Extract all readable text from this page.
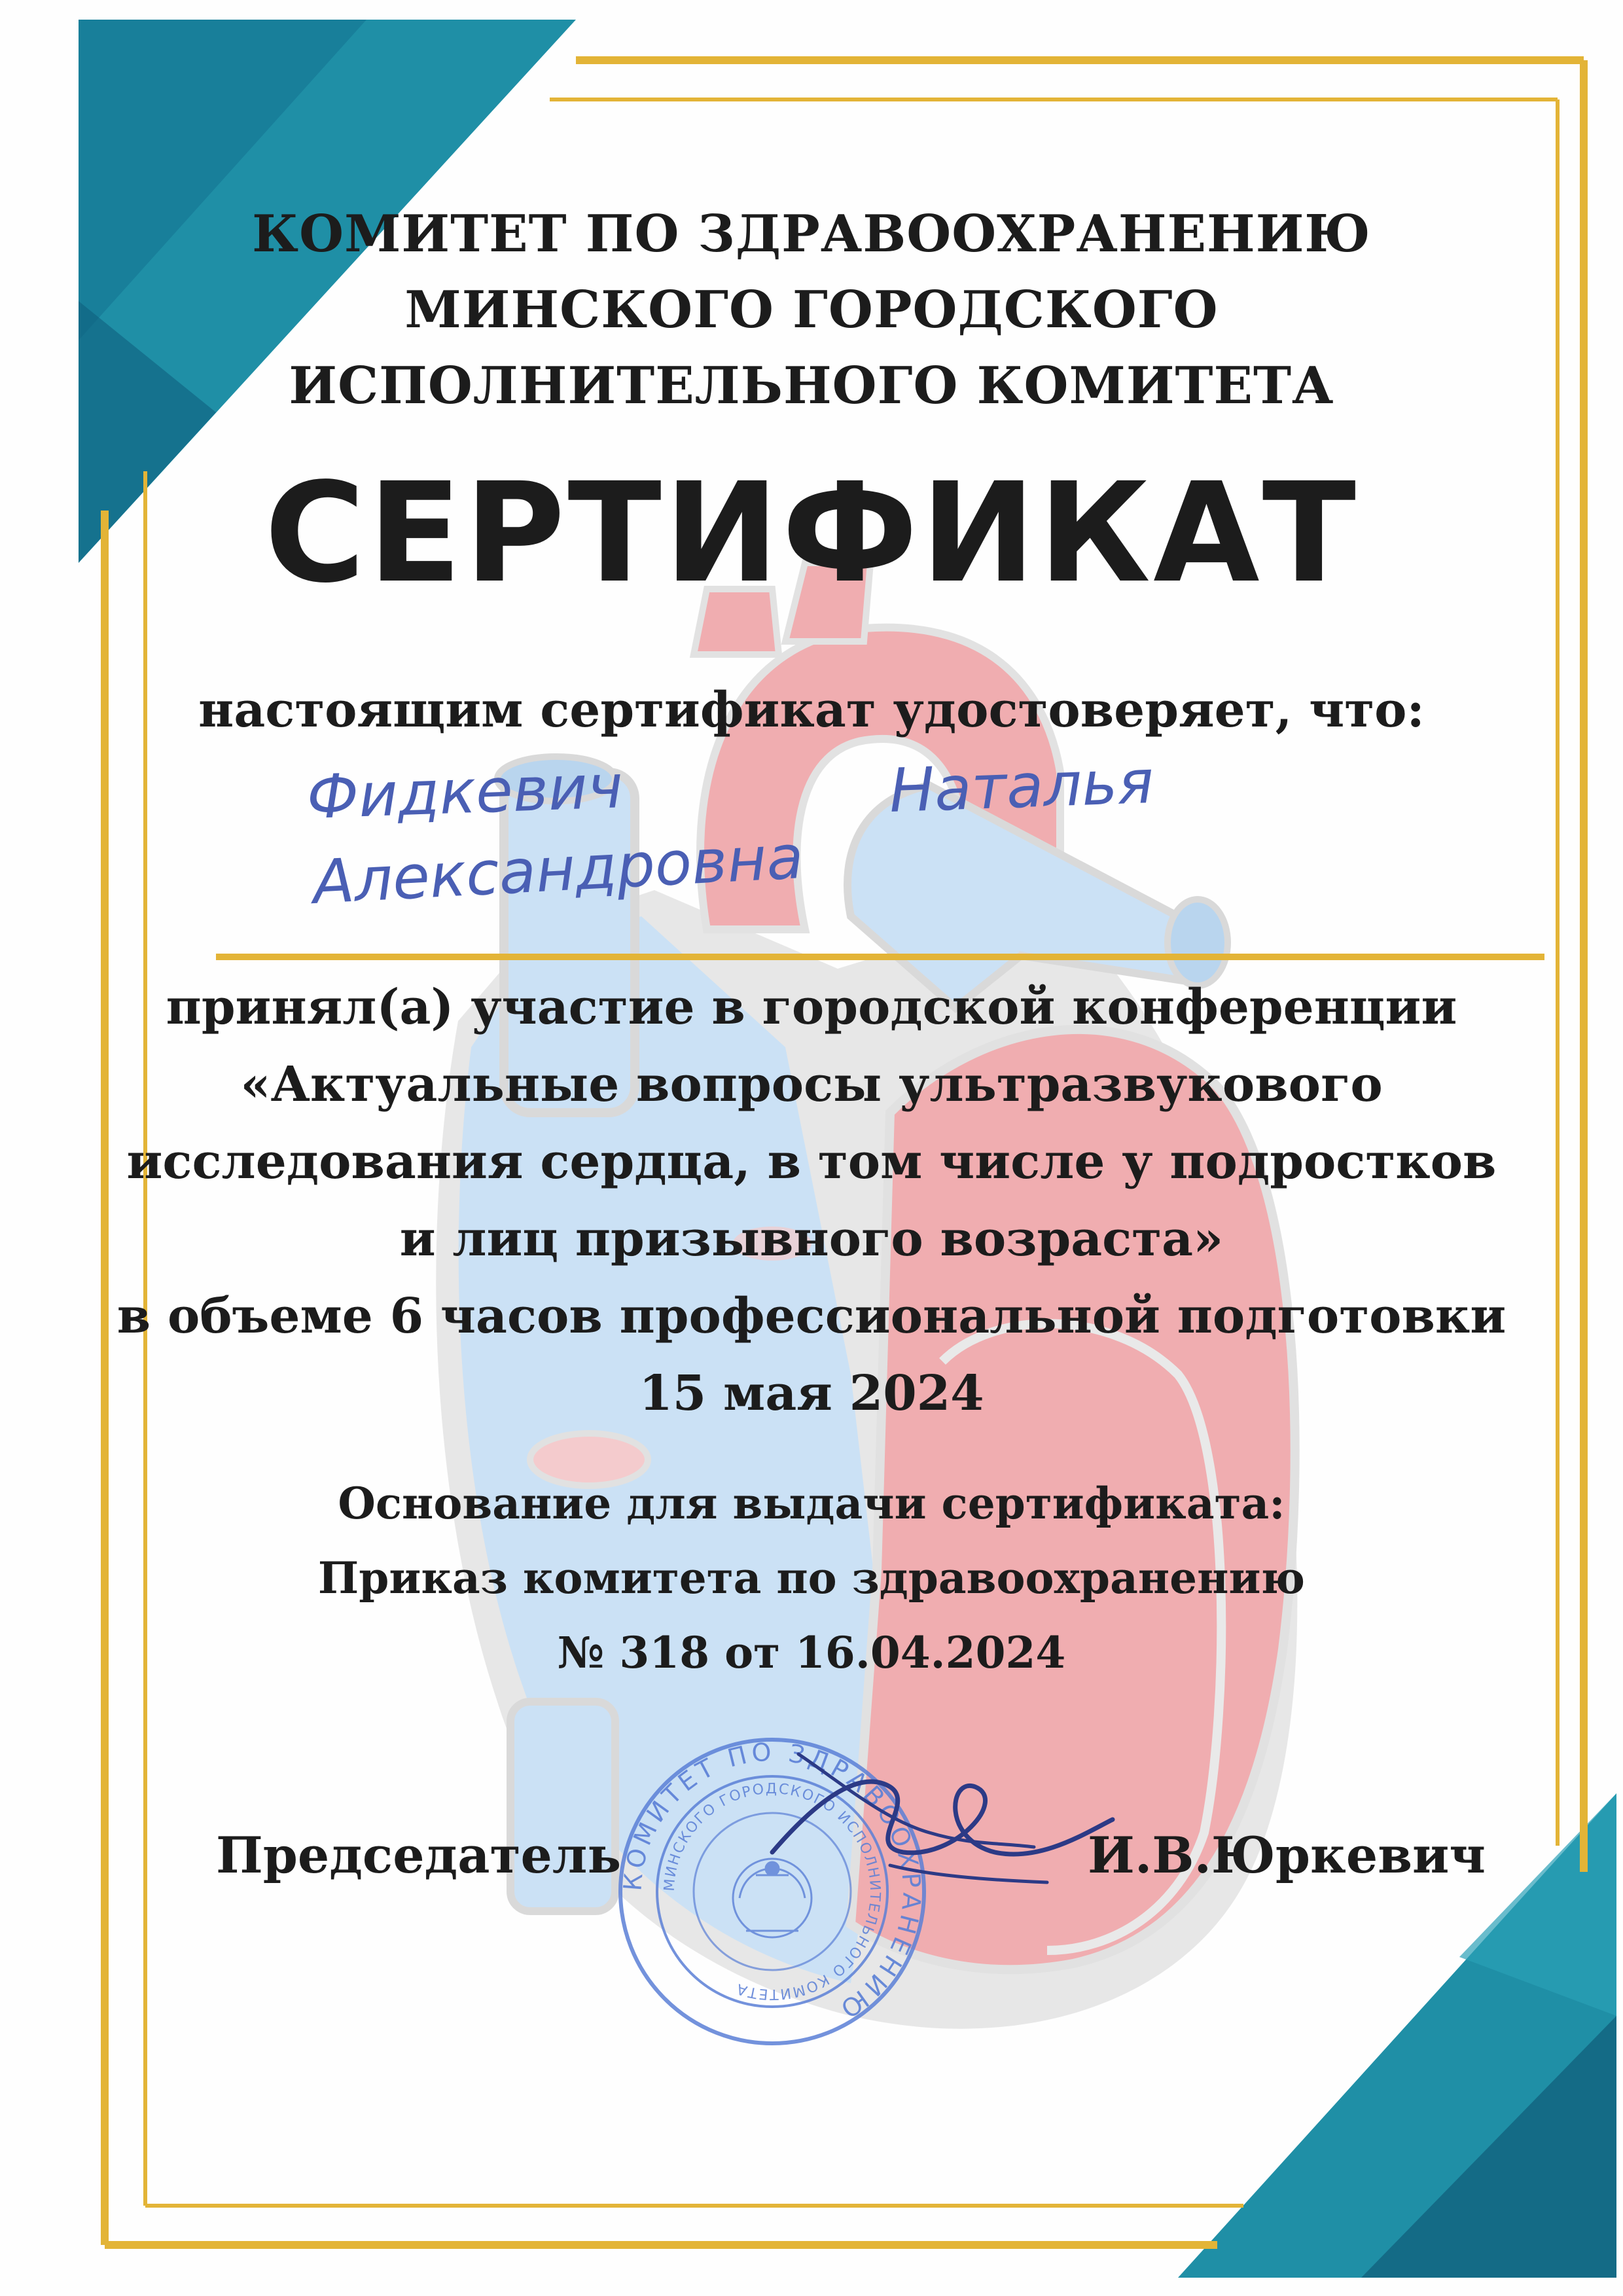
КОМИТЕТ ПО ЗДРАВООХРАНЕНИЮ
МИНСКОГО ГОРОДСКОГО
ИСПОЛНИТЕЛЬНОГО КОМИТЕТА
СЕРТИФИКАТ
настоящим сертификат удостоверяет, что:
Фидкевич	Наталья
Александровна
принял(а) участие в городской конференции
«Актуальные вопросы ультразвукового
исследования сердца, в том числе у подростков
и лиц призывного возраста»
в объеме 6 часов профессиональной подготовки
15 мая 2024
Основание для выдачи сертификата:
Приказ комитета по здравоохранению
№ 318 от 16.04.2024
КОМИТЕТ ПО ЗДРАВООХРАНЕНИЮ
МИНСКОГО ГОРОДСКОГО ИСПОЛНИТЕЛЬНОГО КОМИТЕТА
Председатель	И.В.Юркевич
